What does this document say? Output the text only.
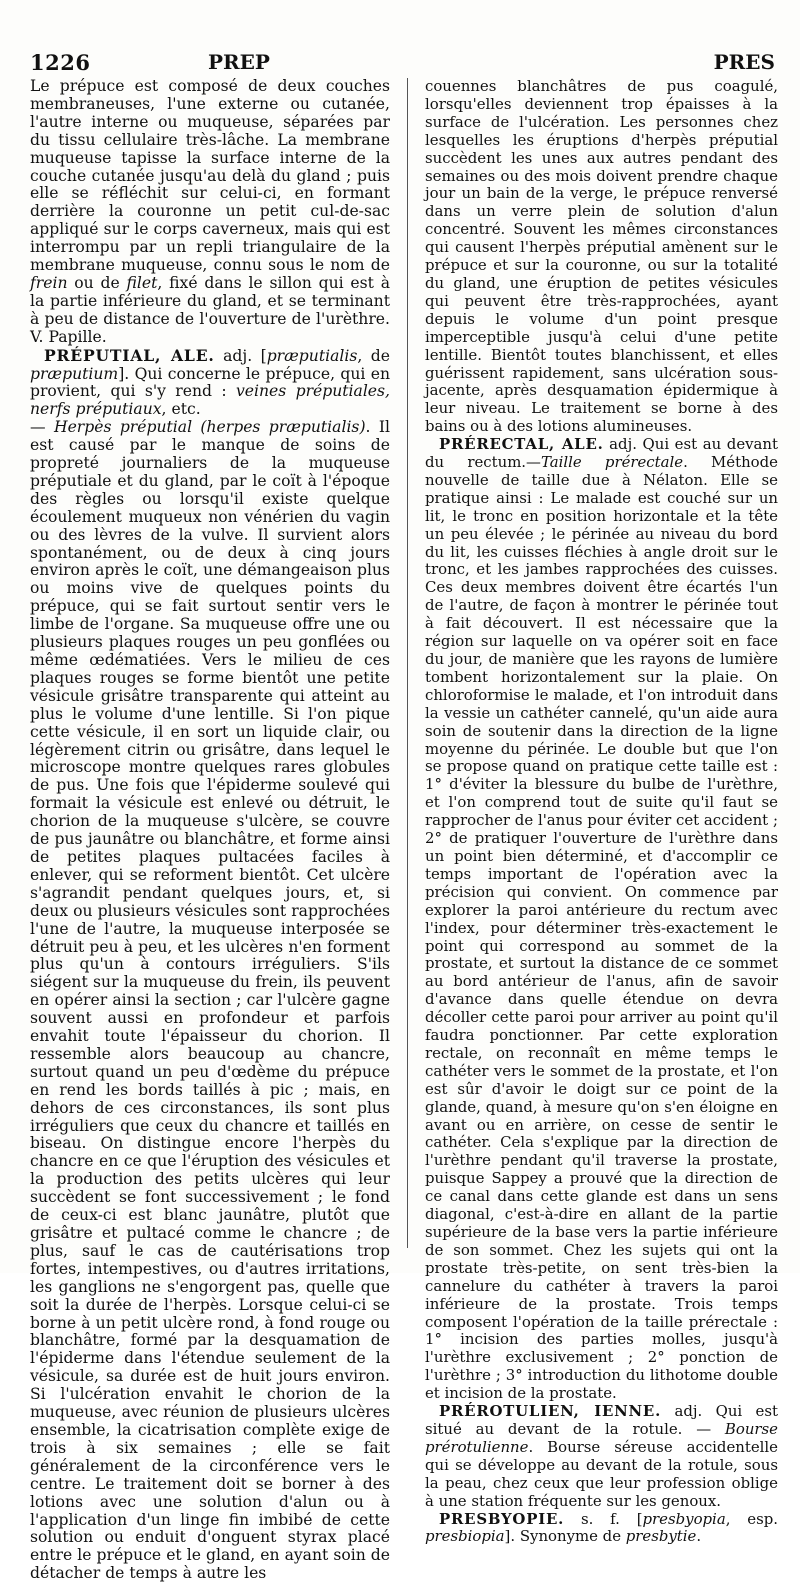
1226	PREP	PRES

Le prépuce est composé de deux couches membraneuses, l'une externe ou cutanée, l'autre interne ou muqueuse, séparées par du tissu cellulaire très-lâche. La membrane muqueuse tapisse la surface interne de la couche cutanée jusqu'au delà du gland ; puis elle se réfléchit sur celui-ci, en formant derrière la couronne un petit cul-de-sac appliqué sur le corps caverneux, mais qui est interrompu par un repli triangulaire de la membrane muqueuse, connu sous le nom de frein ou de filet, fixé dans le sillon qui est à la partie inférieure du gland, et se terminant à peu de distance de l'ouverture de l'urèthre. V. Papille.

PRÉPUTIAL, ALE. adj. [præputialis, de præputium]. Qui concerne le prépuce, qui en provient, qui s'y rend : veines préputiales, nerfs préputiaux, etc.

— Herpès préputial (herpes præputialis). Il est causé par le manque de soins de propreté journaliers de la muqueuse préputiale et du gland, par le coït à l'époque des règles ou lorsqu'il existe quelque écoulement muqueux non vénérien du vagin ou des lèvres de la vulve. Il survient alors spontanément, ou de deux à cinq jours environ après le coït, une démangeaison plus ou moins vive de quelques points du prépuce, qui se fait surtout sentir vers le limbe de l'organe. Sa muqueuse offre une ou plusieurs plaques rouges un peu gonflées ou même œdématiées. Vers le milieu de ces plaques rouges se forme bientôt une petite vésicule grisâtre transparente qui atteint au plus le volume d'une lentille. Si l'on pique cette vésicule, il en sort un liquide clair, ou légèrement citrin ou grisâtre, dans lequel le microscope montre quelques rares globules de pus. Une fois que l'épiderme soulevé qui formait la vésicule est enlevé ou détruit, le chorion de la muqueuse s'ulcère, se couvre de pus jaunâtre ou blanchâtre, et forme ainsi de petites plaques pultacées faciles à enlever, qui se reforment bientôt. Cet ulcère s'agrandit pendant quelques jours, et, si deux ou plusieurs vésicules sont rapprochées l'une de l'autre, la muqueuse interposée se détruit peu à peu, et les ulcères n'en forment plus qu'un à contours irréguliers. S'ils siégent sur la muqueuse du frein, ils peuvent en opérer ainsi la section ; car l'ulcère gagne souvent aussi en profondeur et parfois envahit toute l'épaisseur du chorion. Il ressemble alors beaucoup au chancre, surtout quand un peu d'œdème du prépuce en rend les bords taillés à pic ; mais, en dehors de ces circonstances, ils sont plus irréguliers que ceux du chancre et taillés en biseau. On distingue encore l'herpès du chancre en ce que l'éruption des vésicules et la production des petits ulcères qui leur succèdent se font successivement ; le fond de ceux-ci est blanc jaunâtre, plutôt que grisâtre et pultacé comme le chancre ; de plus, sauf le cas de cautérisations trop fortes, intempestives, ou d'autres irritations, les ganglions ne s'engorgent pas, quelle que soit la durée de l'herpès. Lorsque celui-ci se borne à un petit ulcère rond, à fond rouge ou blanchâtre, formé par la desquamation de l'épiderme dans l'étendue seulement de la vésicule, sa durée est de huit jours environ. Si l'ulcération envahit le chorion de la muqueuse, avec réunion de plusieurs ulcères ensemble, la cicatrisation complète exige de trois à six semaines ; elle se fait généralement de la circonférence vers le centre. Le traitement doit se borner à des lotions avec une solution d'alun ou à l'application d'un linge fin imbibé de cette solution ou enduit d'onguent styrax placé entre le prépuce et le gland, en ayant soin de détacher de temps à autre les

couennes blanchâtres de pus coagulé, lorsqu'elles deviennent trop épaisses à la surface de l'ulcération. Les personnes chez lesquelles les éruptions d'herpès préputial succèdent les unes aux autres pendant des semaines ou des mois doivent prendre chaque jour un bain de la verge, le prépuce renversé dans un verre plein de solution d'alun concentré. Souvent les mêmes circonstances qui causent l'herpès préputial amènent sur le prépuce et sur la couronne, ou sur la totalité du gland, une éruption de petites vésicules qui peuvent être très-rapprochées, ayant depuis le volume d'un point presque imperceptible jusqu'à celui d'une petite lentille. Bientôt toutes blanchissent, et elles guérissent rapidement, sans ulcération sous-jacente, après desquamation épidermique à leur niveau. Le traitement se borne à des bains ou à des lotions alumineuses.

PRÉRECTAL, ALE. adj. Qui est au devant du rectum.—Taille prérectale. Méthode nouvelle de taille due à Nélaton. Elle se pratique ainsi : Le malade est couché sur un lit, le tronc en position horizontale et la tête un peu élevée ; le périnée au niveau du bord du lit, les cuisses fléchies à angle droit sur le tronc, et les jambes rapprochées des cuisses. Ces deux membres doivent être écartés l'un de l'autre, de façon à montrer le périnée tout à fait découvert. Il est nécessaire que la région sur laquelle on va opérer soit en face du jour, de manière que les rayons de lumière tombent horizontalement sur la plaie. On chloroformise le malade, et l'on introduit dans la vessie un cathéter cannelé, qu'un aide aura soin de soutenir dans la direction de la ligne moyenne du périnée. Le double but que l'on se propose quand on pratique cette taille est : 1° d'éviter la blessure du bulbe de l'urèthre, et l'on comprend tout de suite qu'il faut se rapprocher de l'anus pour éviter cet accident ; 2° de pratiquer l'ouverture de l'urèthre dans un point bien déterminé, et d'accomplir ce temps important de l'opération avec la précision qui convient. On commence par explorer la paroi antérieure du rectum avec l'index, pour déterminer très-exactement le point qui correspond au sommet de la prostate, et surtout la distance de ce sommet au bord antérieur de l'anus, afin de savoir d'avance dans quelle étendue on devra décoller cette paroi pour arriver au point qu'il faudra ponctionner. Par cette exploration rectale, on reconnaît en même temps le cathéter vers le sommet de la prostate, et l'on est sûr d'avoir le doigt sur ce point de la glande, quand, à mesure qu'on s'en éloigne en avant ou en arrière, on cesse de sentir le cathéter. Cela s'explique par la direction de l'urèthre pendant qu'il traverse la prostate, puisque Sappey a prouvé que la direction de ce canal dans cette glande est dans un sens diagonal, c'est-à-dire en allant de la partie supérieure de la base vers la partie inférieure de son sommet. Chez les sujets qui ont la prostate très-petite, on sent très-bien la cannelure du cathéter à travers la paroi inférieure de la prostate. Trois temps composent l'opération de la taille prérectale : 1° incision des parties molles, jusqu'à l'urèthre exclusivement ; 2° ponction de l'urèthre ; 3° introduction du lithotome double et incision de la prostate.

PRÉROTULIEN, IENNE. adj. Qui est situé au devant de la rotule. — Bourse prérotulienne. Bourse séreuse accidentelle qui se développe au devant de la rotule, sous la peau, chez ceux que leur profession oblige à une station fréquente sur les genoux.

PRESBYOPIE. s. f. [presbyopia, esp. presbiopia]. Synonyme de presbytie.
